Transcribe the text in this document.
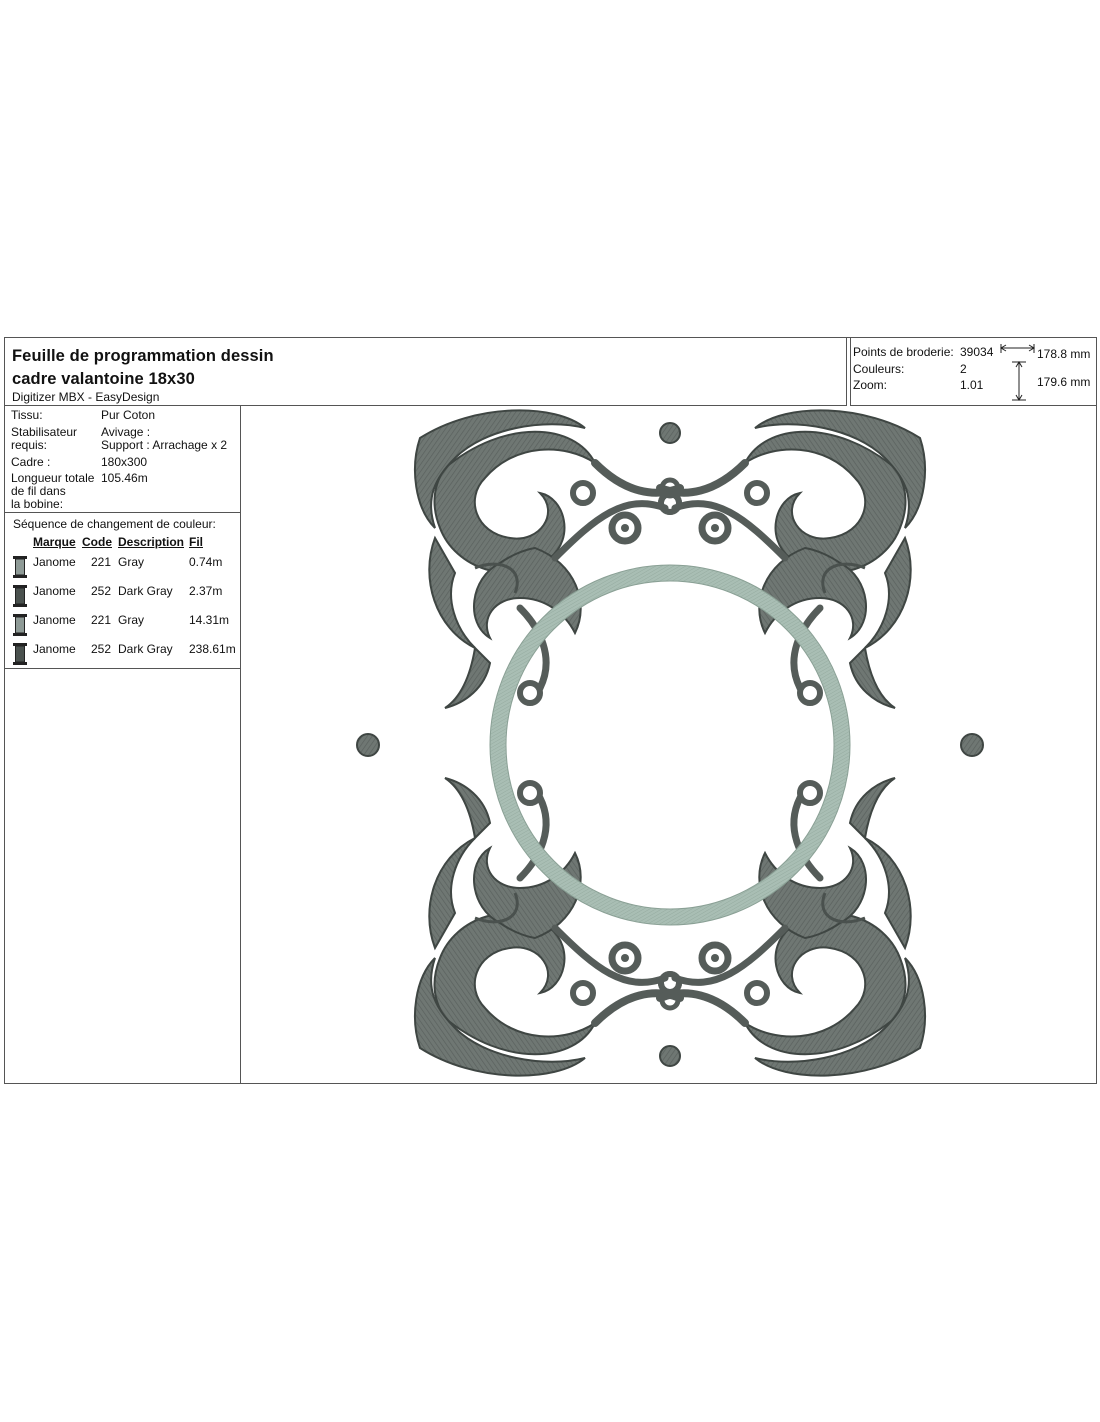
Feuille de programmation dessin
cadre valantoine 18x30
Digitizer MBX - EasyDesign
Points de broderie: 39034
Couleurs:	2
Zoom:	1.01
178.8 mm
179.6 mm
Tissu:	Pur Coton
Stabilisateur
requis:
Avivage :
Support : Arrachage x 2
Cadre :	180x300
Longueur totale
de fil dans
la bobine:
105.46m
Séquence de changement de couleur:
Marque Code Description Fil
Janome 221 Gray	0.74m
Janome 252 Dark Gray 2.37m
Janome 221 Gray	14.31m
Janome 252 Dark Gray 238.61m
